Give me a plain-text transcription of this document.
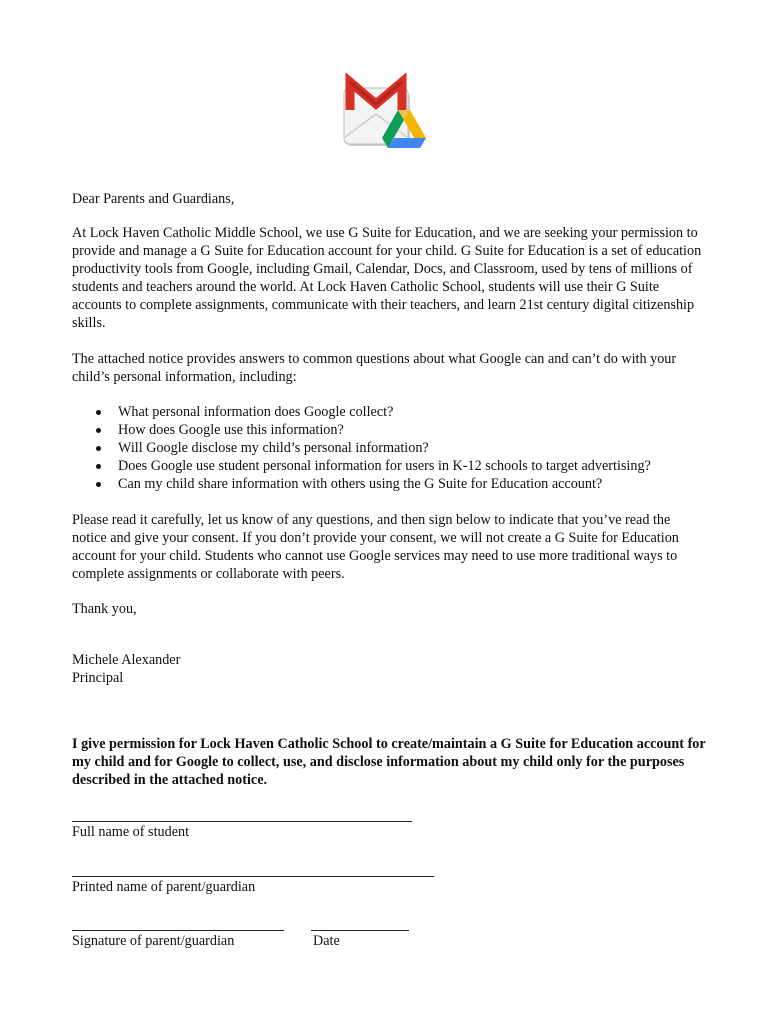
Dear Parents and Guardians,

At Lock Haven Catholic Middle School, we use G Suite for Education, and we are seeking your permission to provide and manage a G Suite for Education account for your child. G Suite for Education is a set of education productivity tools from Google, including Gmail, Calendar, Docs, and Classroom, used by tens of millions of students and teachers around the world. At Lock Haven Catholic School, students will use their G Suite accounts to complete assignments, communicate with their teachers, and learn 21st century digital citizenship skills.

The attached notice provides answers to common questions about what Google can and can’t do with your child’s personal information, including:

What personal information does Google collect?
How does Google use this information?
Will Google disclose my child’s personal information?
Does Google use student personal information for users in K-12 schools to target advertising?
Can my child share information with others using the G Suite for Education account?

Please read it carefully, let us know of any questions, and then sign below to indicate that you’ve read the notice and give your consent. If you don’t provide your consent, we will not create a G Suite for Education account for your child. Students who cannot use Google services may need to use more traditional ways to complete assignments or collaborate with peers.

Thank you,

Michele Alexander

Principal

I give permission for Lock Haven Catholic School to create/maintain a G Suite for Education account for my child and for Google to collect, use, and disclose information about my child only for the purposes described in the attached notice.

Full name of student
Printed name of parent/guardian
Signature of parent/guardian	Date
